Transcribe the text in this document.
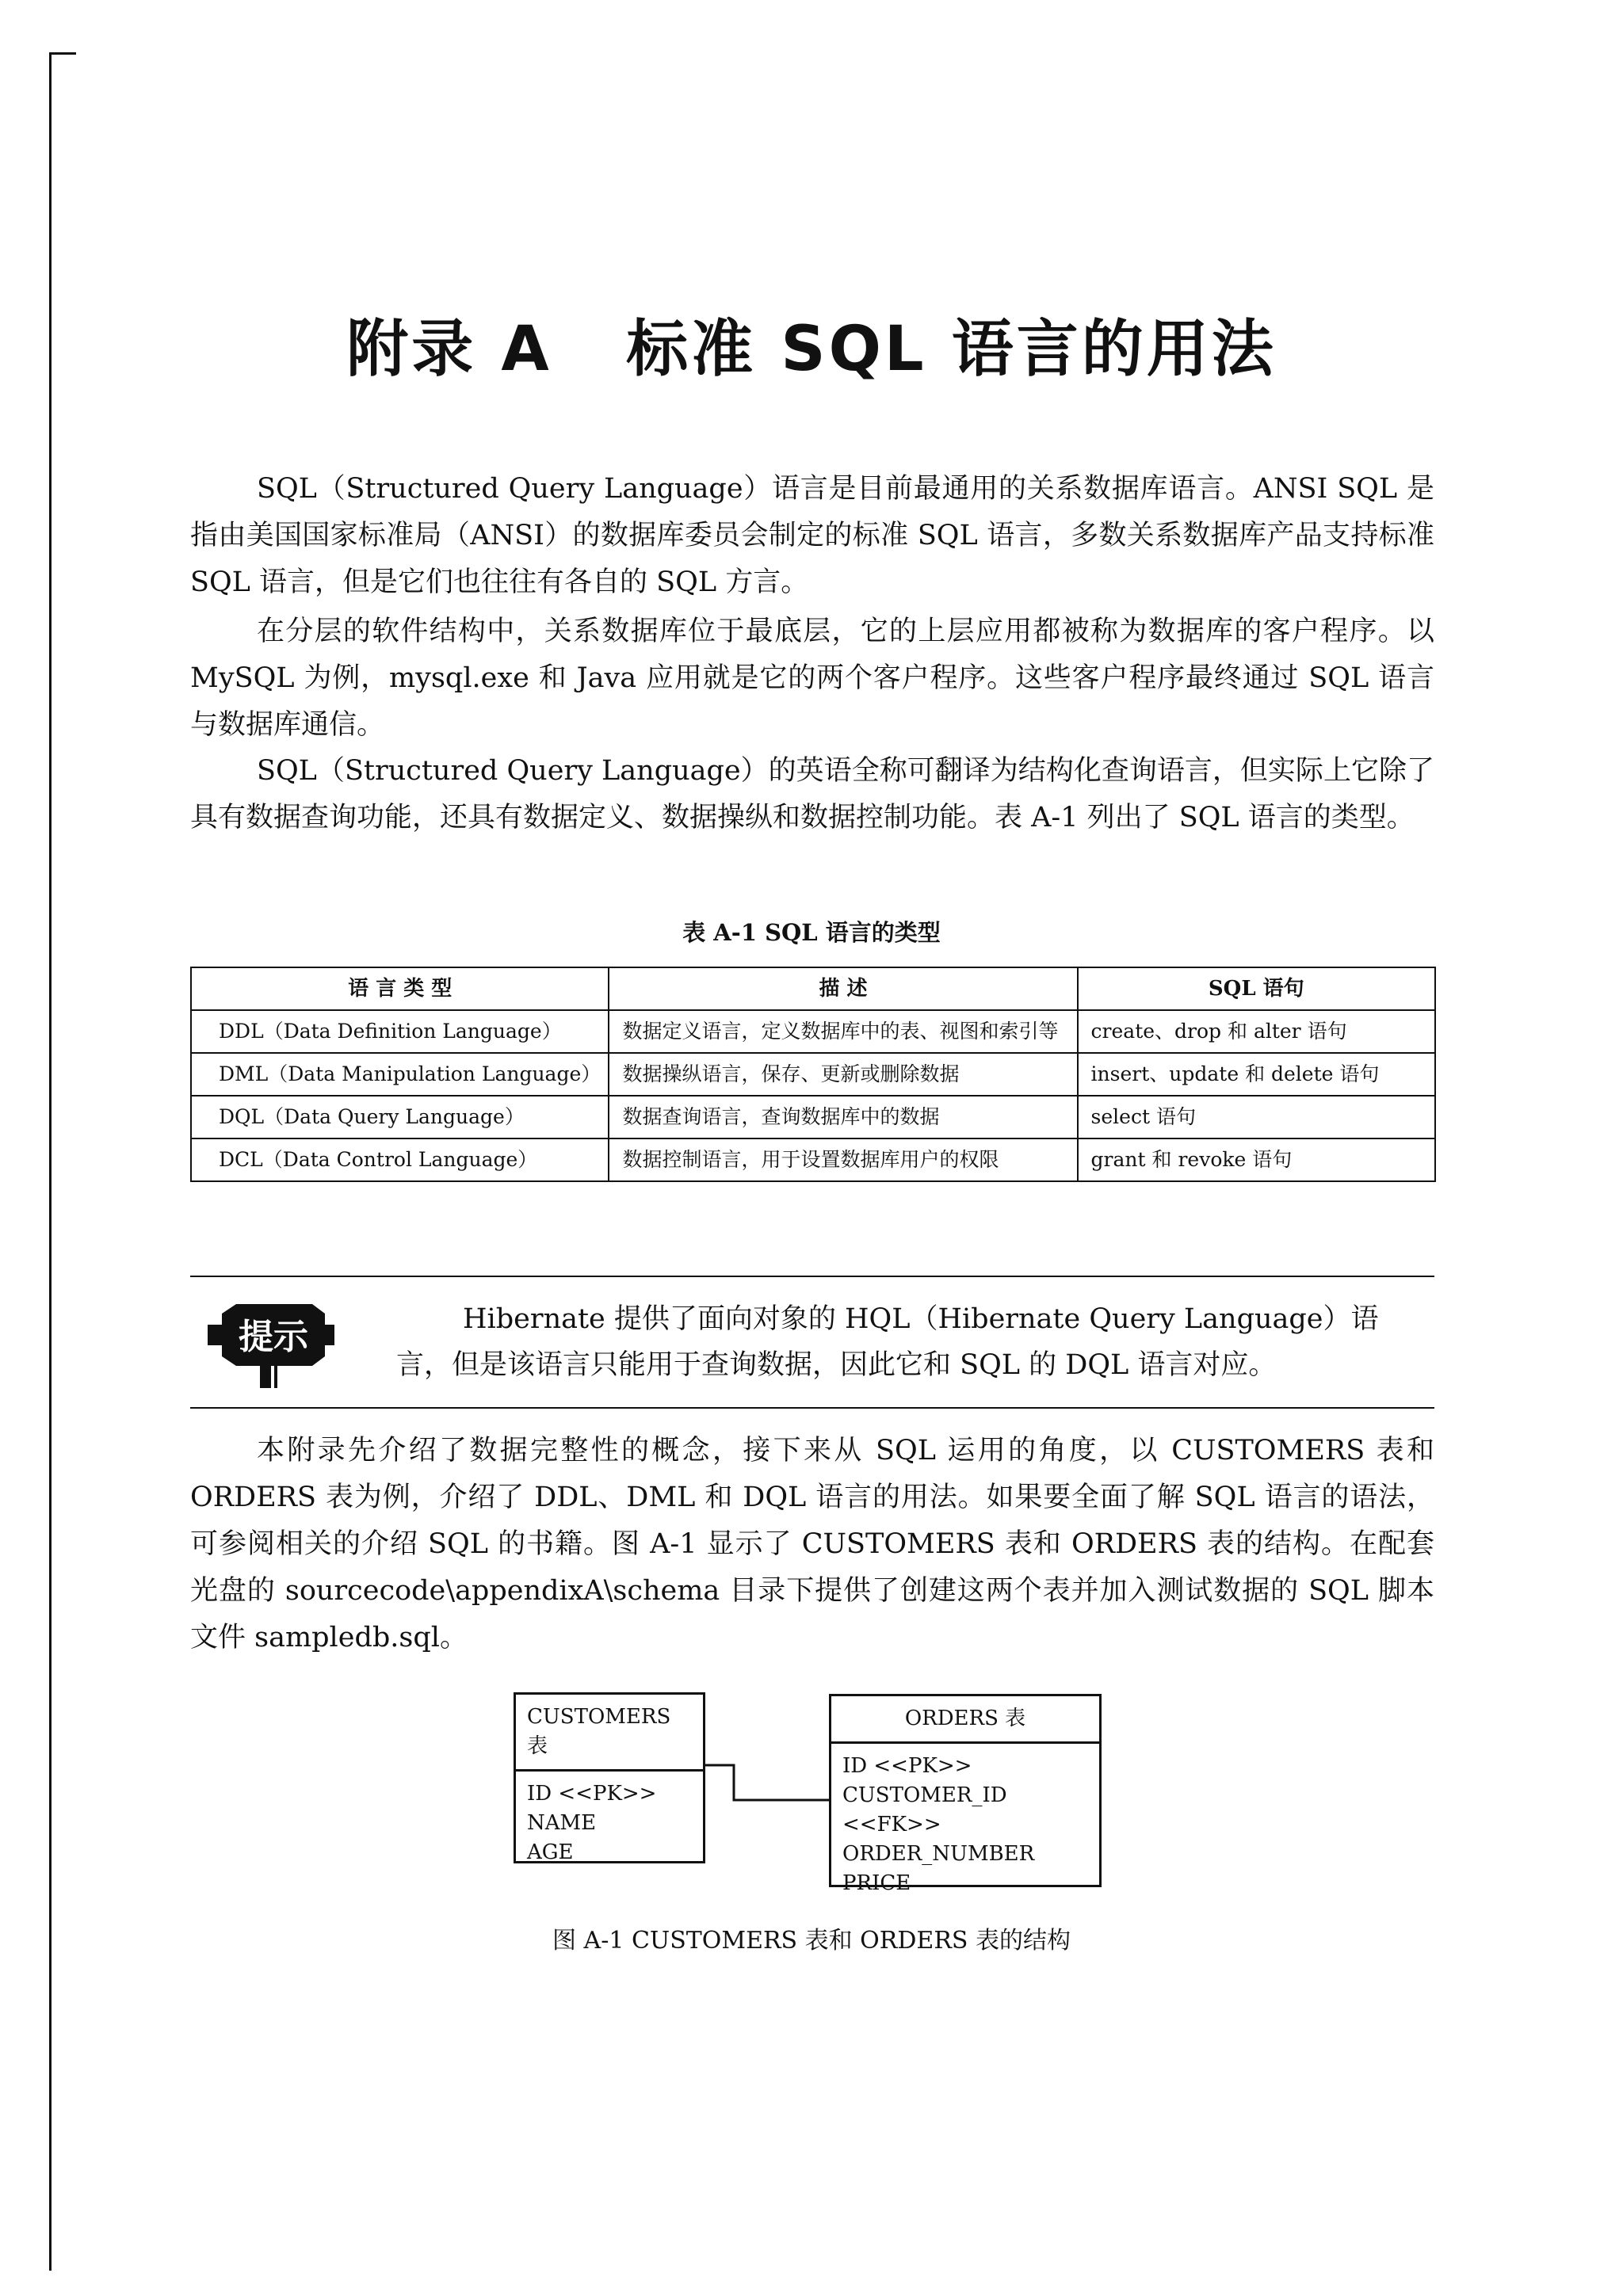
附录 A   标准 SQL 语言的用法

SQL（Structured Query Language）语言是目前最通用的关系数据库语言。ANSI SQL 是指由美国国家标准局（ANSI）的数据库委员会制定的标准 SQL 语言，多数关系数据库产品支持标准 SQL 语言，但是它们也往往有各自的 SQL 方言。

在分层的软件结构中，关系数据库位于最底层，它的上层应用都被称为数据库的客户程序。以 MySQL 为例，mysql.exe 和 Java 应用就是它的两个客户程序。这些客户程序最终通过 SQL 语言与数据库通信。

SQL（Structured Query Language）的英语全称可翻译为结构化查询语言，但实际上它除了具有数据查询功能，还具有数据定义、数据操纵和数据控制功能。表 A-1 列出了 SQL 语言的类型。

表 A-1 SQL 语言的类型
语 言 类 型	描 述	SQL 语句
DDL（Data Definition Language）	数据定义语言，定义数据库中的表、视图和索引等	create、drop 和 alter 语句
DML（Data Manipulation Language）	数据操纵语言，保存、更新或删除数据	insert、update 和 delete 语句
DQL（Data Query Language）	数据查询语言，查询数据库中的数据	select 语句
DCL（Data Control Language）	数据控制语言，用于设置数据库用户的权限	grant 和 revoke 语句
提示	Hibernate 提供了面向对象的 HQL（Hibernate Query Language）语言，但是该语言只能用于查询数据，因此它和 SQL 的 DQL 语言对应。

本附录先介绍了数据完整性的概念，接下来从 SQL 运用的角度，以 CUSTOMERS 表和 ORDERS 表为例，介绍了 DDL、DML 和 DQL 语言的用法。如果要全面了解 SQL 语言的语法，可参阅相关的介绍 SQL 的书籍。图 A-1 显示了 CUSTOMERS 表和 ORDERS 表的结构。在配套光盘的 sourcecode\appendixA\schema 目录下提供了创建这两个表并加入测试数据的 SQL 脚本文件 sampledb.sql。

CUSTOMERS 表
ID <<PK>>
NAME
AGE
ORDERS 表
ID <<PK>>
CUSTOMER_ID <<FK>>
ORDER_NUMBER
PRICE
图 A-1 CUSTOMERS 表和 ORDERS 表的结构
